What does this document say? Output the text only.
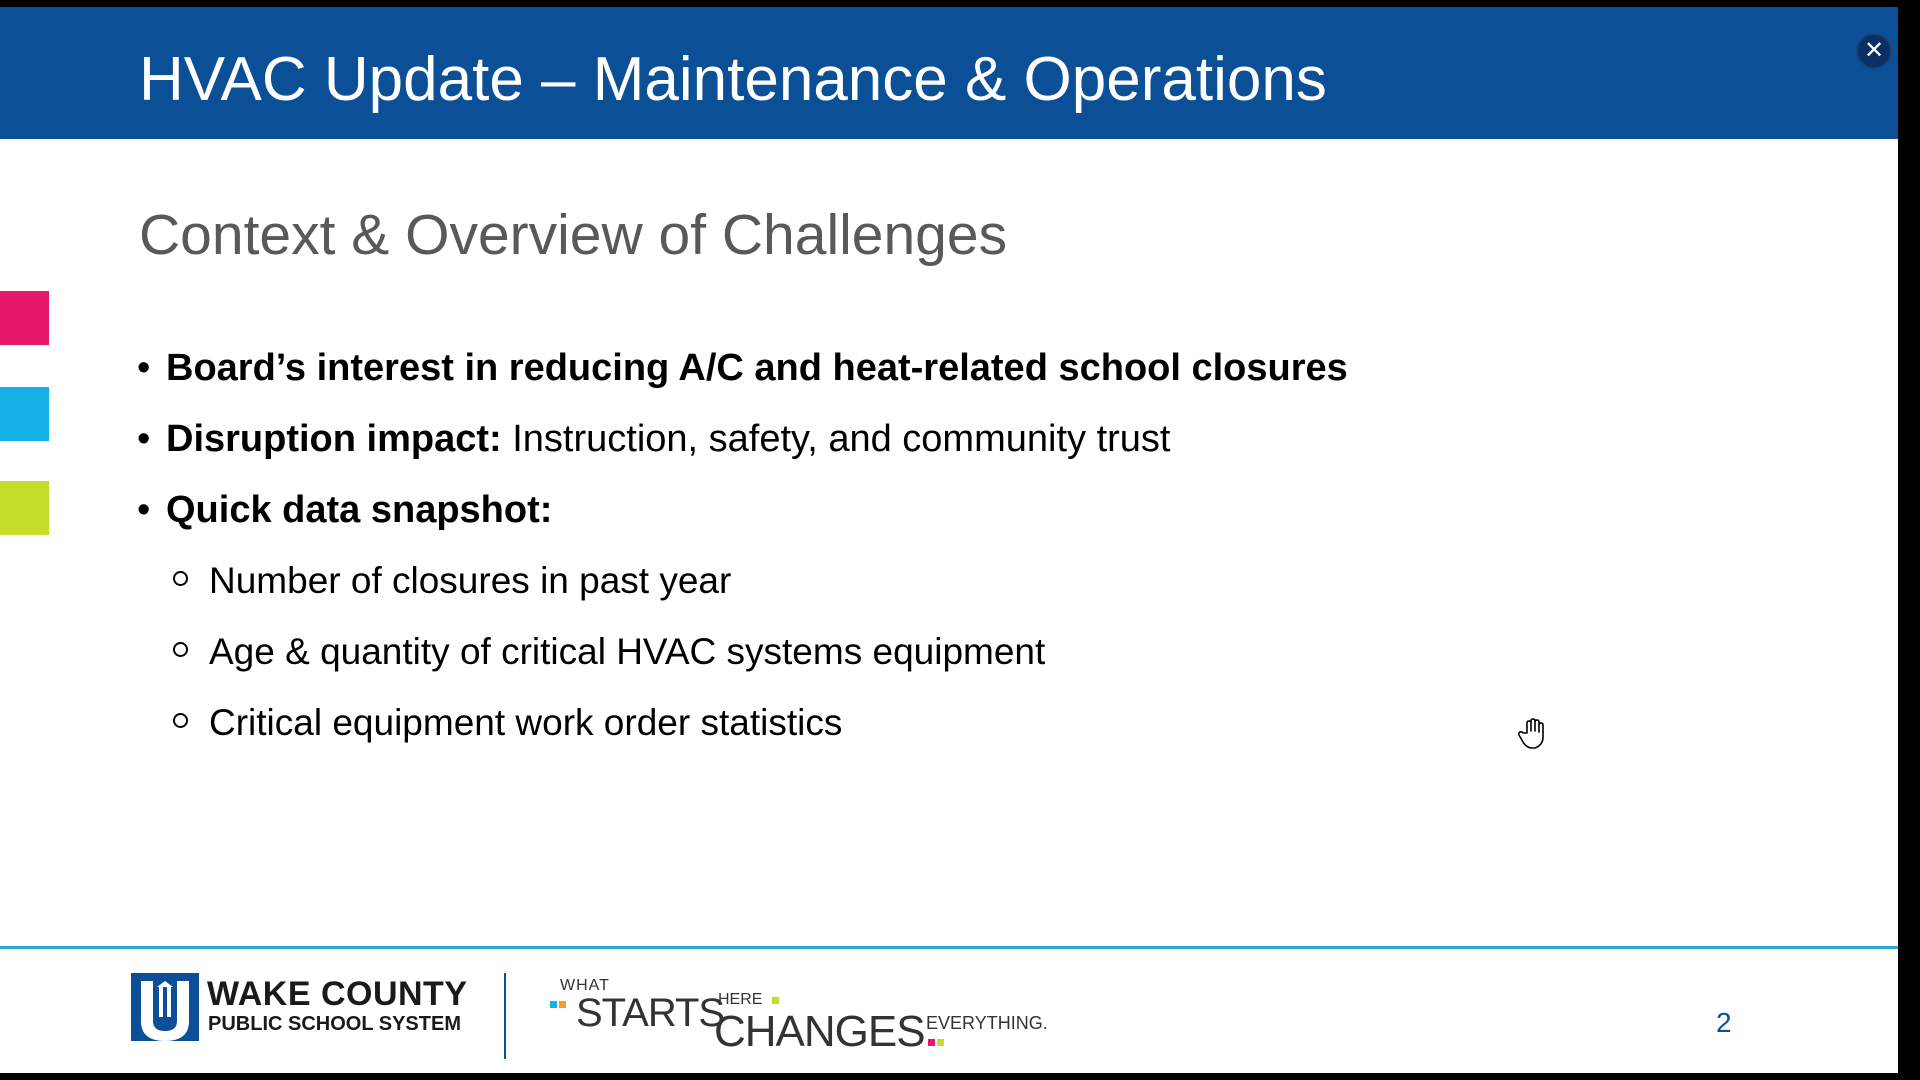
HVAC Update – Maintenance & Operations	✕
Context & Overview of Challenges
• Board’s interest in reducing A/C and heat-related school closures
• Disruption impact: Instruction, safety, and community trust
• Quick data snapshot:
Number of closures in past year
Age & quantity of critical HVAC systems equipment
Critical equipment work order statistics
WAKE COUNTY
PUBLIC SCHOOL SYSTEM
WHAT
STARTS
HERE
CHANGES EVERYTHING.	2
